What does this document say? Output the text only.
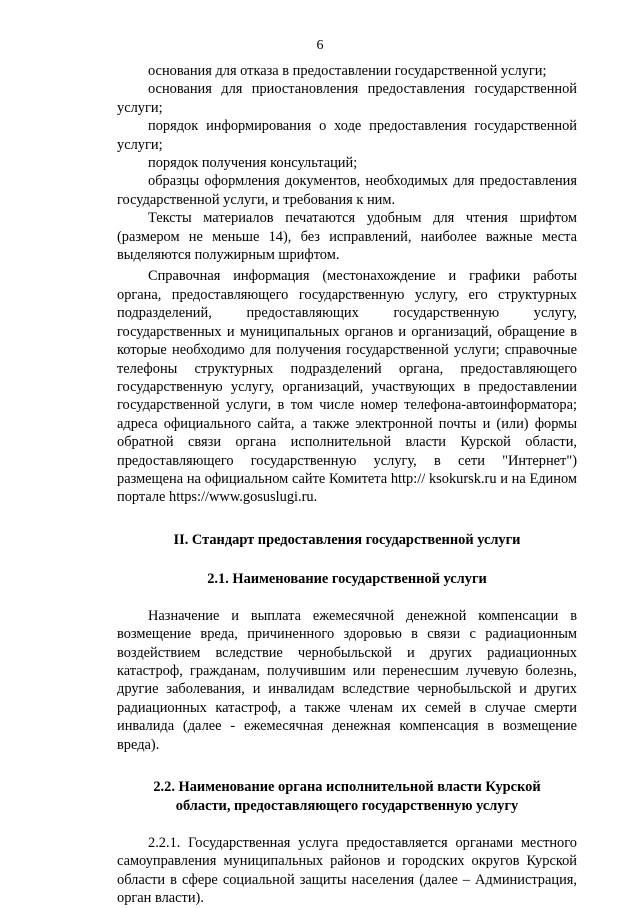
6

основания для отказа в предоставлении государственной услуги;

основания для приостановления предоставления государственной услуги;

порядок информирования о ходе предоставления государственной услуги;

порядок получения консультаций;

образцы оформления документов, необходимых для предоставления государственной услуги, и требования к ним.

Тексты материалов печатаются удобным для чтения шрифтом (размером не меньше 14), без исправлений, наиболее важные места выделяются полужирным шрифтом.

Справочная информация (местонахождение и графики работы органа, предоставляющего государственную услугу, его структурных подразделений, предоставляющих государственную услугу, государственных и муниципальных органов и организаций, обращение в которые необходимо для получения государственной услуги; справочные телефоны структурных подразделений органа, предоставляющего государственную услугу, организаций, участвующих в предоставлении государственной услуги, в том числе номер телефона-автоинформатора; адреса официального сайта, а также электронной почты и (или) формы обратной связи органа исполнительной власти Курской области, предоставляющего государственную услугу, в сети "Интернет") размещена на официальном сайте Комитета http:// ksokursk.ru и на Едином портале https://www.gosuslugi.ru.

II. Стандарт предоставления государственной услуги
2.1. Наименование государственной услуги

Назначение и выплата ежемесячной денежной компенсации в возмещение вреда, причиненного здоровью в связи с радиационным воздействием вследствие чернобыльской и других радиационных катастроф, гражданам, получившим или перенесшим лучевую болезнь, другие заболевания, и инвалидам вследствие чернобыльской и других радиационных катастроф, а также членам их семей в случае смерти инвалида (далее - ежемесячная денежная компенсация в возмещение вреда).

2.2. Наименование органа исполнительной власти Курской
области, предоставляющего государственную услугу

2.2.1. Государственная услуга предоставляется органами местного самоуправления муниципальных районов и городских округов Курской области в сфере социальной защиты населения (далее – Администрация, орган власти).
